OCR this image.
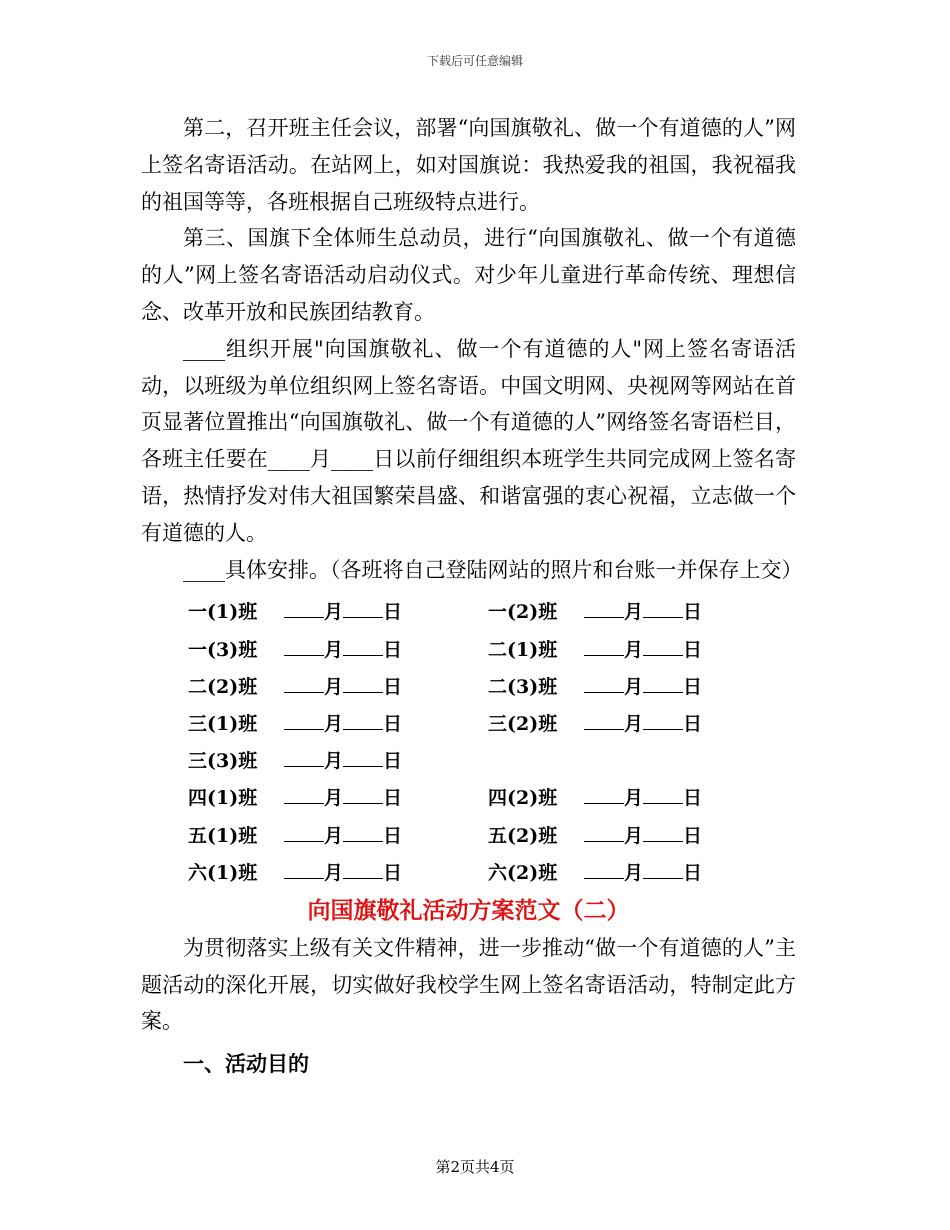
下载后可任意编辑

第二，召开班主任会议，部署“向国旗敬礼、做一个有道德的人”网上签名寄语活动。在站网上，如对国旗说：我热爱我的祖国，我祝福我的祖国等等，各班根据自己班级特点进行。

第三、国旗下全体师生总动员，进行“向国旗敬礼、做一个有道德的人”网上签名寄语活动启动仪式。对少年儿童进行革命传统、理想信念、改革开放和民族团结教育。

____组织开展"向国旗敬礼、做一个有道德的人"网上签名寄语活动，以班级为单位组织网上签名寄语。中国文明网、央视网等网站在首页显著位置推出“向国旗敬礼、做一个有道德的人”网络签名寄语栏目，各班主任要在____月____日以前仔细组织本班学生共同完成网上签名寄语，热情抒发对伟大祖国繁荣昌盛、和谐富强的衷心祝福，立志做一个有道德的人。

____具体安排。（各班将自己登陆网站的照片和台账一并保存上交）

一(1)班	月 日	一(2)班	月 日
一(3)班	月 日	二(1)班	月 日
二(2)班	月 日	二(3)班	月 日
三(1)班	月 日	三(2)班	月 日
三(3)班	月 日
四(1)班	月 日	四(2)班	月 日
五(1)班	月 日	五(2)班	月 日
六(1)班	月 日	六(2)班	月 日
向国旗敬礼活动方案范文（二）

为贯彻落实上级有关文件精神，进一步推动“做一个有道德的人”主题活动的深化开展，切实做好我校学生网上签名寄语活动，特制定此方案。

一、活动目的

第2页共4页
